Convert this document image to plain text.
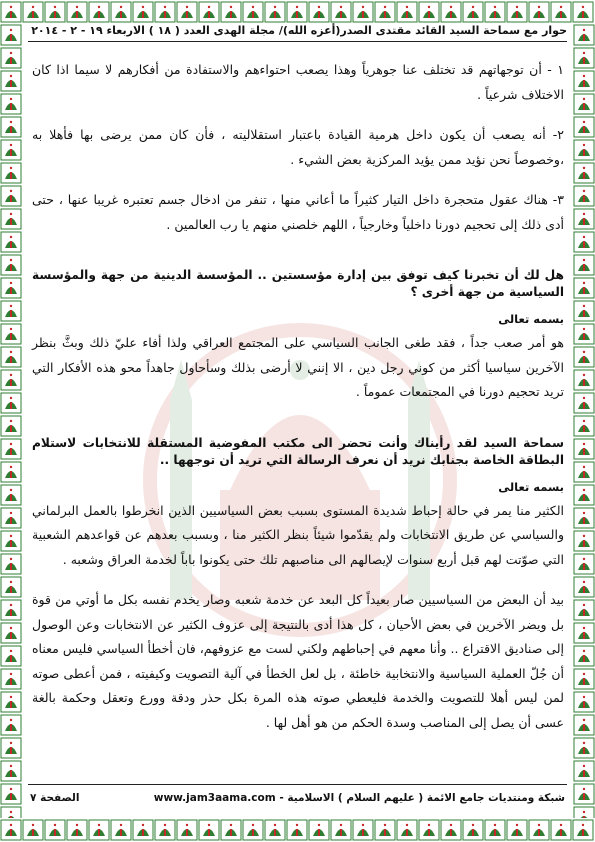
حوار مع سماحة السيد القائد مقتدى الصدر(أعزه الله)/ مجلة الهدى العدد ( ١٨ ) الاربعاء ١٩ - ٢ - ٢٠١٤

١ - أن توجهاتهم قد تختلف عنا جوهرياً وهذا يصعب احتواءهم والاستفادة من أفكارهم لا سيما اذا كان الاختلاف شرعياً .

٢- أنه يصعب أن يكون داخل هرمية القيادة باعتبار استقلاليته ، فأن كان ممن يرضى بها فأهلا به ،وخصوصاً نحن نؤيد ممن يؤيد المركزية بعض الشيء .

٣- هناك عقول متحجرة داخل التيار كثيراً ما أعاني منها ، تنفر من ادخال جسم تعتبره غريبا عنها ، حتى أدى ذلك إلى تحجيم دورنا داخلياً وخارجياً ، اللهم خلصني منهم يا رب العالمين .

هل لك أن تخبرنا كيف توفق بين إدارة مؤسستين .. المؤسسة الدينية من جهة والمؤسسة السياسية من جهة أخرى ؟

بسمه تعالى

هو أمر صعب جداً ، فقد طغى الجانب السياسي على المجتمع العراقي ولذا أفاء عليّ ذلك وبثَّ بنظر الآخرين سياسيا أكثر من كوني رجل دين ، الا إنني لا أرضى بذلك وسأحاول جاهداً محو هذه الأفكار التي تريد تحجيم دورنا في المجتمعات عموماً .

سماحة السيد لقد رأيناك وأنت تحضر الى مكتب المفوضية المستقلة للانتخابات لاستلام البطاقة الخاصة بجنابك نريد أن نعرف الرسالة التي تريد أن توجهها ..

بسمه تعالى

الكثير منا يمر في حالة إحباط شديدة المستوى بسبب بعض السياسيين الذين انخرطوا بالعمل البرلماني والسياسي عن طريق الانتخابات ولم يقدّموا شيئاً بنظر الكثير منا ، وبسبب بعدهم عن قواعدهم الشعبية التي صوّتت لهم قبل أربع سنوات لإيصالهم الى مناصبهم تلك حتى يكونوا باباً لخدمة العراق وشعبه .

بيد أن البعض من السياسيين صار بعيداً كل البعد عن خدمة شعبه وصار يخدم نفسه بكل ما أوتي من قوة بل ويضر الآخرين في بعض الأحيان ، كل هذا أدى بالنتيجة إلى عزوف الكثير عن الانتخابات وعن الوصول إلى صناديق الاقتراع .. وأنا معهم في إحباطهم ولكني لست مع عزوفهم، فان أخطأ السياسي فليس معناه أن جُلّ العملية السياسية والانتخابية خاطئة ، بل لعل الخطأ في آلية التصويت وكيفيته ، فمن أعطى صوته لمن ليس أهلا للتصويت والخدمة فليعطي صوته هذه المرة بكل حذر ودقة وورع وتعقل وحكمة بالغة عسى أن يصل إلى المناصب وسدة الحكم من هو أهل لها .

شبكة ومنتديات جامع الائمة ( عليهم السلام ) الاسلامية - www.jam3aama.com
الصفحة ٧
